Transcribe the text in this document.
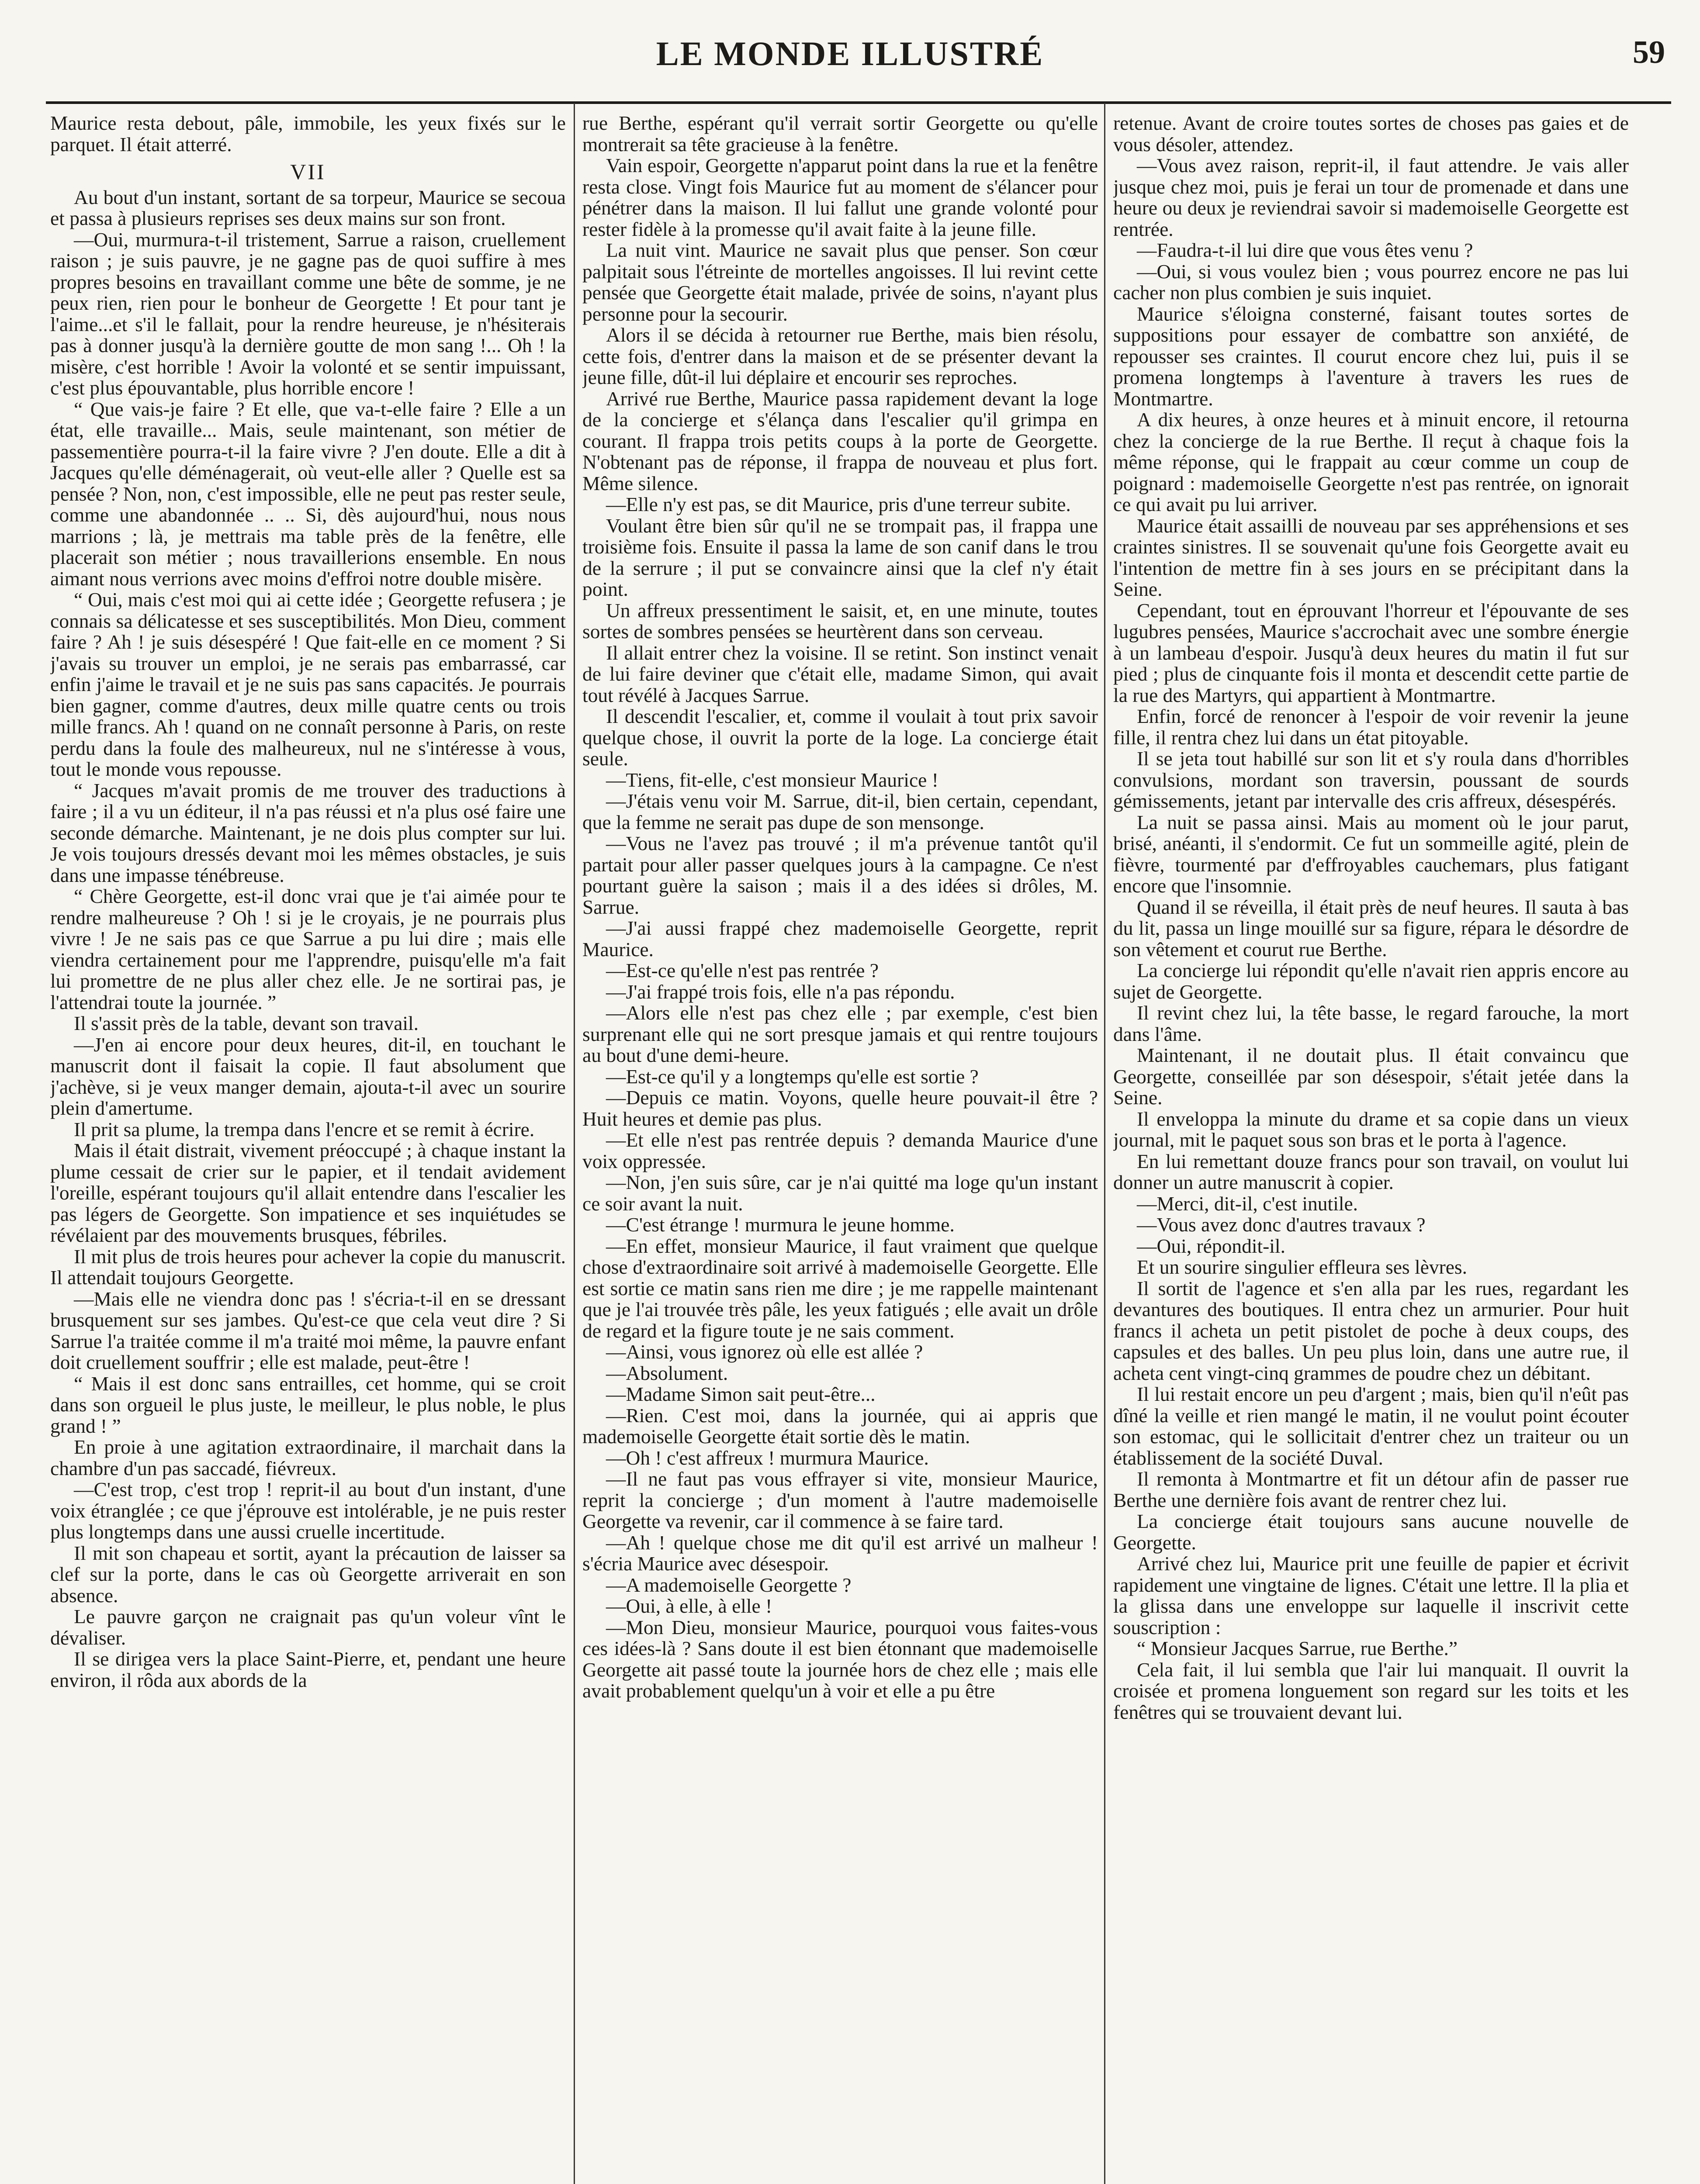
LE MONDE ILLUSTRÉ	59

Maurice resta debout, pâle, immobile, les yeux fixés sur le parquet. Il était atterré.

VII

Au bout d'un instant, sortant de sa torpeur, Maurice se secoua et passa à plusieurs reprises ses deux mains sur son front.

—Oui, murmura-t-il tristement, Sarrue a raison, cruellement raison ; je suis pauvre, je ne gagne pas de quoi suffire à mes propres besoins en travaillant comme une bête de somme, je ne peux rien, rien pour le bonheur de Georgette ! Et pour tant je l'aime...et s'il le fallait, pour la rendre heureuse, je n'hésiterais pas à donner jusqu'à la dernière goutte de mon sang !... Oh ! la misère, c'est horrible ! Avoir la volonté et se sentir impuissant, c'est plus épouvantable, plus horrible encore !

“ Que vais-je faire ? Et elle, que va-t-elle faire ? Elle a un état, elle travaille... Mais, seule maintenant, son métier de passementière pourra-t-il la faire vivre ? J'en doute. Elle a dit à Jacques qu'elle déménagerait, où veut-elle aller ? Quelle est sa pensée ? Non, non, c'est impossible, elle ne peut pas rester seule, comme une abandonnée .. .. Si, dès aujourd'hui, nous nous marrions ; là, je mettrais ma table près de la fenêtre, elle placerait son métier ; nous travaillerions ensemble. En nous aimant nous verrions avec moins d'effroi notre double misère.

“ Oui, mais c'est moi qui ai cette idée ; Georgette refusera ; je connais sa délicatesse et ses susceptibilités. Mon Dieu, comment faire ? Ah ! je suis désespéré ! Que fait-elle en ce moment ? Si j'avais su trouver un emploi, je ne serais pas embarrassé, car enfin j'aime le travail et je ne suis pas sans capacités. Je pourrais bien gagner, comme d'autres, deux mille quatre cents ou trois mille francs. Ah ! quand on ne connaît personne à Paris, on reste perdu dans la foule des malheureux, nul ne s'intéresse à vous, tout le monde vous repousse.

“ Jacques m'avait promis de me trouver des traductions à faire ; il a vu un éditeur, il n'a pas réussi et n'a plus osé faire une seconde démarche. Maintenant, je ne dois plus compter sur lui. Je vois toujours dressés devant moi les mêmes obstacles, je suis dans une impasse ténébreuse.

“ Chère Georgette, est-il donc vrai que je t'ai aimée pour te rendre malheureuse ? Oh ! si je le croyais, je ne pourrais plus vivre ! Je ne sais pas ce que Sarrue a pu lui dire ; mais elle viendra certainement pour me l'apprendre, puisqu'elle m'a fait lui promettre de ne plus aller chez elle. Je ne sortirai pas, je l'attendrai toute la journée. ”

Il s'assit près de la table, devant son travail.

—J'en ai encore pour deux heures, dit-il, en touchant le manuscrit dont il faisait la copie. Il faut absolument que j'achève, si je veux manger demain, ajouta-t-il avec un sourire plein d'amertume.

Il prit sa plume, la trempa dans l'encre et se remit à écrire.

Mais il était distrait, vivement préoccupé ; à chaque instant la plume cessait de crier sur le papier, et il tendait avidement l'oreille, espérant toujours qu'il allait entendre dans l'escalier les pas légers de Georgette. Son impatience et ses inquiétudes se révélaient par des mouvements brusques, fébriles.

Il mit plus de trois heures pour achever la copie du manuscrit. Il attendait toujours Georgette.

—Mais elle ne viendra donc pas ! s'écria-t-il en se dressant brusquement sur ses jambes. Qu'est-ce que cela veut dire ? Si Sarrue l'a traitée comme il m'a traité moi même, la pauvre enfant doit cruellement souffrir ; elle est malade, peut-être !

“ Mais il est donc sans entrailles, cet homme, qui se croit dans son orgueil le plus juste, le meilleur, le plus noble, le plus grand ! ”

En proie à une agitation extraordinaire, il marchait dans la chambre d'un pas saccadé, fiévreux.

—C'est trop, c'est trop ! reprit-il au bout d'un instant, d'une voix étranglée ; ce que j'éprouve est intolérable, je ne puis rester plus longtemps dans une aussi cruelle incertitude.

Il mit son chapeau et sortit, ayant la précaution de laisser sa clef sur la porte, dans le cas où Georgette arriverait en son absence.

Le pauvre garçon ne craignait pas qu'un voleur vînt le dévaliser.

Il se dirigea vers la place Saint-Pierre, et, pendant une heure environ, il rôda aux abords de la

rue Berthe, espérant qu'il verrait sortir Georgette ou qu'elle montrerait sa tête gracieuse à la fenêtre.

Vain espoir, Georgette n'apparut point dans la rue et la fenêtre resta close. Vingt fois Maurice fut au moment de s'élancer pour pénétrer dans la maison. Il lui fallut une grande volonté pour rester fidèle à la promesse qu'il avait faite à la jeune fille.

La nuit vint. Maurice ne savait plus que penser. Son cœur palpitait sous l'étreinte de mortelles angoisses. Il lui revint cette pensée que Georgette était malade, privée de soins, n'ayant plus personne pour la secourir.

Alors il se décida à retourner rue Berthe, mais bien résolu, cette fois, d'entrer dans la maison et de se présenter devant la jeune fille, dût-il lui déplaire et encourir ses reproches.

Arrivé rue Berthe, Maurice passa rapidement devant la loge de la concierge et s'élança dans l'escalier qu'il grimpa en courant. Il frappa trois petits coups à la porte de Georgette. N'obtenant pas de réponse, il frappa de nouveau et plus fort. Même silence.

—Elle n'y est pas, se dit Maurice, pris d'une terreur subite.

Voulant être bien sûr qu'il ne se trompait pas, il frappa une troisième fois. Ensuite il passa la lame de son canif dans le trou de la serrure ; il put se convaincre ainsi que la clef n'y était point.

Un affreux pressentiment le saisit, et, en une minute, toutes sortes de sombres pensées se heurtèrent dans son cerveau.

Il allait entrer chez la voisine. Il se retint. Son instinct venait de lui faire deviner que c'était elle, madame Simon, qui avait tout révélé à Jacques Sarrue.

Il descendit l'escalier, et, comme il voulait à tout prix savoir quelque chose, il ouvrit la porte de la loge. La concierge était seule.

—Tiens, fit-elle, c'est monsieur Maurice !

—J'étais venu voir M. Sarrue, dit-il, bien certain, cependant, que la femme ne serait pas dupe de son mensonge.

—Vous ne l'avez pas trouvé ; il m'a prévenue tantôt qu'il partait pour aller passer quelques jours à la campagne. Ce n'est pourtant guère la saison ; mais il a des idées si drôles, M. Sarrue.

—J'ai aussi frappé chez mademoiselle Georgette, reprit Maurice.

—Est-ce qu'elle n'est pas rentrée ?

—J'ai frappé trois fois, elle n'a pas répondu.

—Alors elle n'est pas chez elle ; par exemple, c'est bien surprenant elle qui ne sort presque jamais et qui rentre toujours au bout d'une demi-heure.

—Est-ce qu'il y a longtemps qu'elle est sortie ?

—Depuis ce matin. Voyons, quelle heure pouvait-il être ? Huit heures et demie pas plus.

—Et elle n'est pas rentrée depuis ? demanda Maurice d'une voix oppressée.

—Non, j'en suis sûre, car je n'ai quitté ma loge qu'un instant ce soir avant la nuit.

—C'est étrange ! murmura le jeune homme.

—En effet, monsieur Maurice, il faut vraiment que quelque chose d'extraordinaire soit arrivé à mademoiselle Georgette. Elle est sortie ce matin sans rien me dire ; je me rappelle maintenant que je l'ai trouvée très pâle, les yeux fatigués ; elle avait un drôle de regard et la figure toute je ne sais comment.

—Ainsi, vous ignorez où elle est allée ?

—Absolument.

—Madame Simon sait peut-être...

—Rien. C'est moi, dans la journée, qui ai appris que mademoiselle Georgette était sortie dès le matin.

—Oh ! c'est affreux ! murmura Maurice.

—Il ne faut pas vous effrayer si vite, monsieur Maurice, reprit la concierge ; d'un moment à l'autre mademoiselle Georgette va revenir, car il commence à se faire tard.

—Ah ! quelque chose me dit qu'il est arrivé un malheur ! s'écria Maurice avec désespoir.

—A mademoiselle Georgette ?

—Oui, à elle, à elle !

—Mon Dieu, monsieur Maurice, pourquoi vous faites-vous ces idées-là ? Sans doute il est bien étonnant que mademoiselle Georgette ait passé toute la journée hors de chez elle ; mais elle avait probablement quelqu'un à voir et elle a pu être

retenue. Avant de croire toutes sortes de choses pas gaies et de vous désoler, attendez.

—Vous avez raison, reprit-il, il faut attendre. Je vais aller jusque chez moi, puis je ferai un tour de promenade et dans une heure ou deux je reviendrai savoir si mademoiselle Georgette est rentrée.

—Faudra-t-il lui dire que vous êtes venu ?

—Oui, si vous voulez bien ; vous pourrez encore ne pas lui cacher non plus combien je suis inquiet.

Maurice s'éloigna consterné, faisant toutes sortes de suppositions pour essayer de combattre son anxiété, de repousser ses craintes. Il courut encore chez lui, puis il se promena longtemps à l'aventure à travers les rues de Montmartre.

A dix heures, à onze heures et à minuit encore, il retourna chez la concierge de la rue Berthe. Il reçut à chaque fois la même réponse, qui le frappait au cœur comme un coup de poignard : mademoiselle Georgette n'est pas rentrée, on ignorait ce qui avait pu lui arriver.

Maurice était assailli de nouveau par ses appréhensions et ses craintes sinistres. Il se souvenait qu'une fois Georgette avait eu l'intention de mettre fin à ses jours en se précipitant dans la Seine.

Cependant, tout en éprouvant l'horreur et l'épouvante de ses lugubres pensées, Maurice s'accrochait avec une sombre énergie à un lambeau d'espoir. Jusqu'à deux heures du matin il fut sur pied ; plus de cinquante fois il monta et descendit cette partie de la rue des Martyrs, qui appartient à Montmartre.

Enfin, forcé de renoncer à l'espoir de voir revenir la jeune fille, il rentra chez lui dans un état pitoyable.

Il se jeta tout habillé sur son lit et s'y roula dans d'horribles convulsions, mordant son traversin, poussant de sourds gémissements, jetant par intervalle des cris affreux, désespérés.

La nuit se passa ainsi. Mais au moment où le jour parut, brisé, anéanti, il s'endormit. Ce fut un sommeille agité, plein de fièvre, tourmenté par d'effroyables cauchemars, plus fatigant encore que l'insomnie.

Quand il se réveilla, il était près de neuf heures. Il sauta à bas du lit, passa un linge mouillé sur sa figure, répara le désordre de son vêtement et courut rue Berthe.

La concierge lui répondit qu'elle n'avait rien appris encore au sujet de Georgette.

Il revint chez lui, la tête basse, le regard farouche, la mort dans l'âme.

Maintenant, il ne doutait plus. Il était convaincu que Georgette, conseillée par son désespoir, s'était jetée dans la Seine.

Il enveloppa la minute du drame et sa copie dans un vieux journal, mit le paquet sous son bras et le porta à l'agence.

En lui remettant douze francs pour son travail, on voulut lui donner un autre manuscrit à copier.

—Merci, dit-il, c'est inutile.

—Vous avez donc d'autres travaux ?

—Oui, répondit-il.

Et un sourire singulier effleura ses lèvres.

Il sortit de l'agence et s'en alla par les rues, regardant les devantures des boutiques. Il entra chez un armurier. Pour huit francs il acheta un petit pistolet de poche à deux coups, des capsules et des balles. Un peu plus loin, dans une autre rue, il acheta cent vingt-cinq grammes de poudre chez un débitant.

Il lui restait encore un peu d'argent ; mais, bien qu'il n'eût pas dîné la veille et rien mangé le matin, il ne voulut point écouter son estomac, qui le sollicitait d'entrer chez un traiteur ou un établissement de la société Duval.

Il remonta à Montmartre et fit un détour afin de passer rue Berthe une dernière fois avant de rentrer chez lui.

La concierge était toujours sans aucune nouvelle de Georgette.

Arrivé chez lui, Maurice prit une feuille de papier et écrivit rapidement une vingtaine de lignes. C'était une lettre. Il la plia et la glissa dans une enveloppe sur laquelle il inscrivit cette souscription :

“ Monsieur Jacques Sarrue, rue Berthe.”

Cela fait, il lui sembla que l'air lui manquait. Il ouvrit la croisée et promena longuement son regard sur les toits et les fenêtres qui se trouvaient devant lui.
